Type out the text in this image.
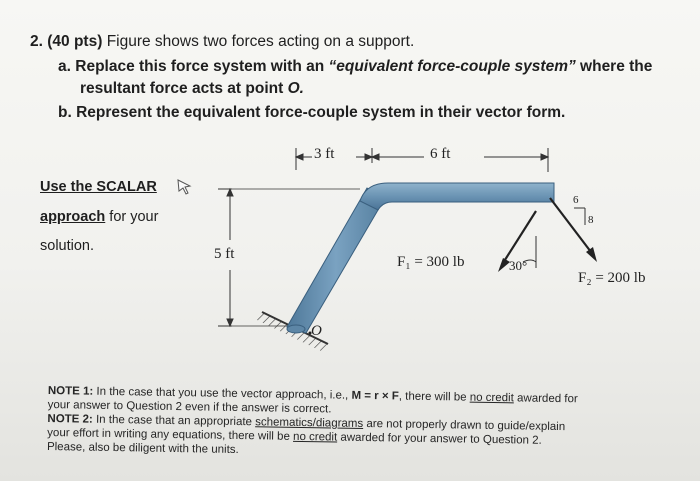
2. (40 pts) Figure shows two forces acting on a support.
a. Replace this force system with an “equivalent force-couple system” where the
resultant force acts at point O.
b. Represent the equivalent force-couple system in their vector form.
Use the SCALAR
approach for your
solution.
3 ft	6 ft
5 ft
O
F₁ = 300 lb	30°
6
8
F₂ = 200 lb
NOTE 1: In the case that you use the vector approach, i.e., M = r × F, there will be no credit awarded for
your answer to Question 2 even if the answer is correct.
NOTE 2: In the case that an appropriate schematics/diagrams are not properly drawn to guide/explain
your effort in writing any equations, there will be no credit awarded for your answer to Question 2.
Please, also be diligent with the units.
